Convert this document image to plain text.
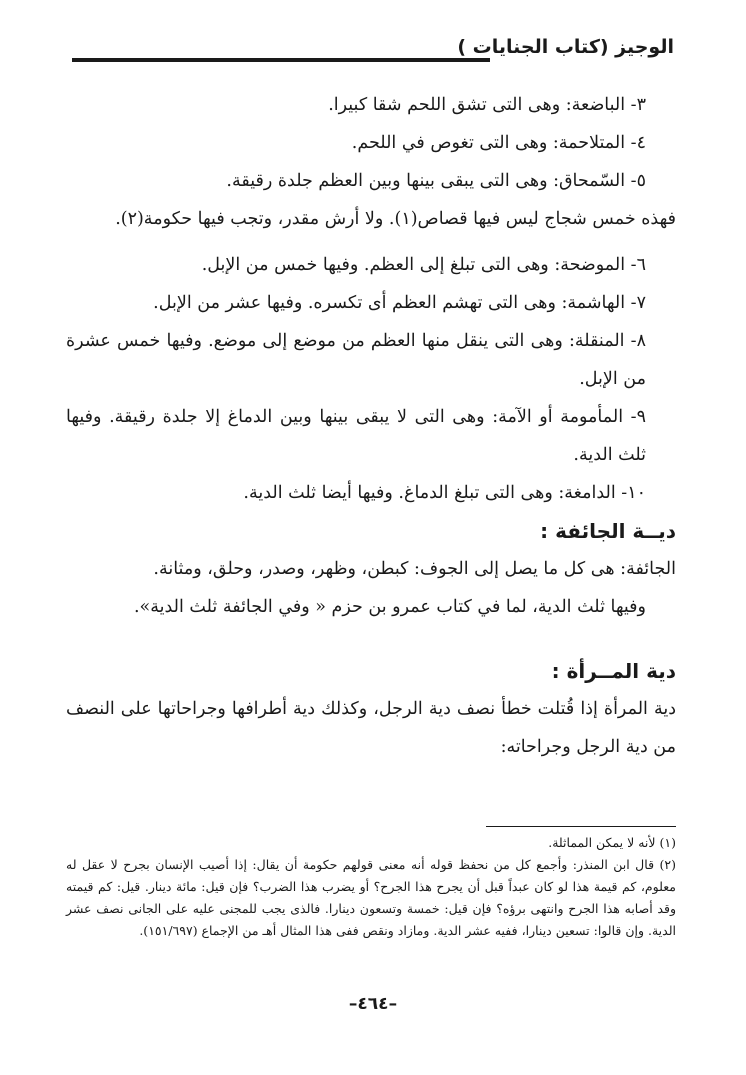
الوجيز (كتاب الجنايات )

٣- الباضعة: وهى التى تشق اللحم شقا كبيرا.

٤- المتلاحمة: وهى التى تغوص في اللحم.

٥- السّمحاق: وهى التى يبقى بينها وبين العظم جلدة رقيقة.

فهذه خمس شجاج ليس فيها قصاص(١). ولا أرش مقدر، وتجب فيها حكومة(٢).

٦- الموضحة: وهى التى تبلغ إلى العظم. وفيها خمس من الإبل.

٧- الهاشمة: وهى التى تهشم العظم أى تكسره. وفيها عشر من الإبل.

٨- المنقلة: وهى التى ينقل منها العظم من موضع إلى موضع. وفيها خمس عشرة من الإبل.

٩- المأمومة أو الآمة: وهى التى لا يبقى بينها وبين الدماغ إلا جلدة رقيقة. وفيها ثلث الدية.

١٠- الدامغة: وهى التى تبلغ الدماغ. وفيها أيضا ثلث الدية.

ديــة الجائفة :

الجائفة: هى كل ما يصل إلى الجوف: كبطن، وظهر، وصدر، وحلق، ومثانة.

وفيها ثلث الدية، لما في كتاب عمرو بن حزم « وفي الجائفة ثلث الدية».

دية المــرأة :

دية المرأة إذا قُتلت خطأ نصف دية الرجل، وكذلك دية أطرافها وجراحاتها على النصف من دية الرجل وجراحاته:

(١) لأنه لا يمكن المماثلة.

(٢) قال ابن المنذر: وأجمع كل من نحفظ قوله أنه معنى قولهم حكومة أن يقال: إذا أصيب الإنسان بجرح لا عقل له معلوم، كم قيمة هذا لو كان عبداً قبل أن يجرح هذا الجرح؟ أو يضرب هذا الضرب؟ فإن قيل: مائة دينار. قيل: كم قيمته وقد أصابه هذا الجرح وانتهى برؤه؟ فإن قيل: خمسة وتسعون دينارا. فالذى يجب للمجنى عليه على الجانى نصف عشر الدية. وإن قالوا: تسعين دينارا، ففيه عشر الدية. ومازاد ونقص ففى هذا المثال أهـ من الإجماع (١٥١/٦٩٧).

–٤٦٤–
